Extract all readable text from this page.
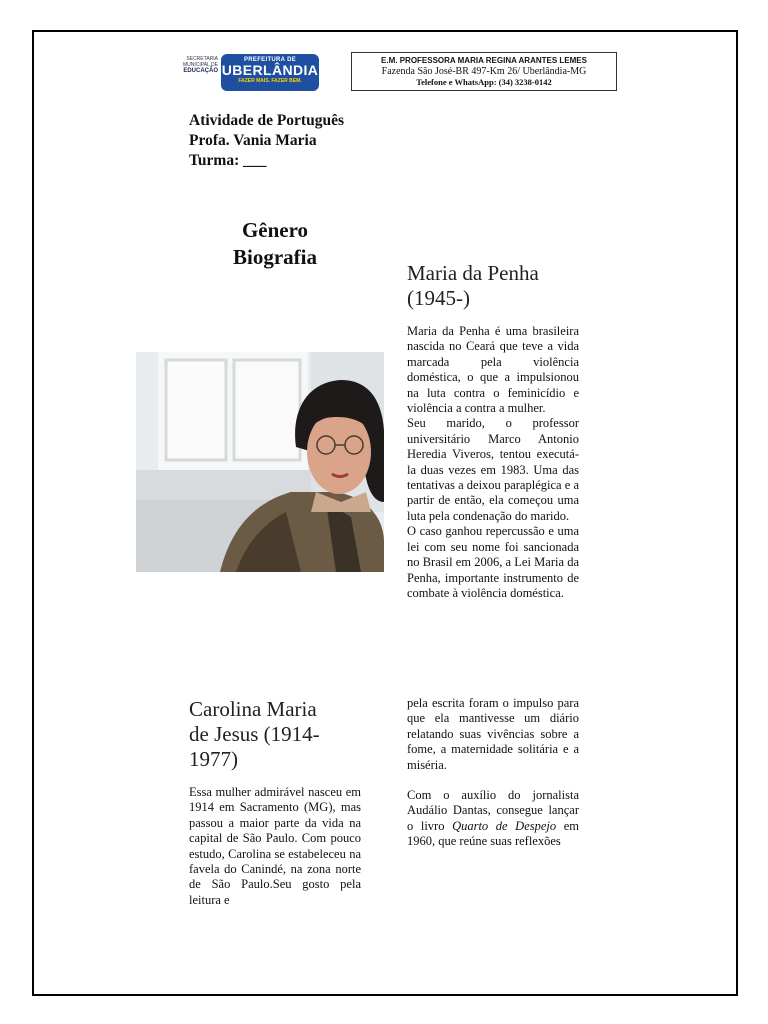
SECRETARIA
MUNICIPAL DE
EDUCAÇÃO
PREFEITURA DE
UBERLÂNDIA
FAZER MAIS. FAZER BEM.
E.M. PROFESSORA MARIA REGINA ARANTES LEMES
Fazenda São José-BR 497-Km 26/ Uberlândia-MG
Telefone e WhatsApp: (34) 3238-0142
Atividade de Português
Profa. Vania Maria
Turma: ___
Gênero
Biografia
Maria da Penha
(1945-)

Maria da Penha é uma brasileira nascida no Ceará que teve a vida marcada pela violência doméstica, o que a impulsionou na luta contra o feminicídio e violência a contra a mulher.

Seu marido, o professor universitário Marco Antonio Heredia Viveros, tentou executá-la duas vezes em 1983. Uma das tentativas a deixou paraplégica e a partir de então, ela começou uma luta pela condenação do marido.

O caso ganhou repercussão e uma lei com seu nome foi sancionada no Brasil em 2006, a Lei Maria da Penha, importante instrumento de combate à violência doméstica.

Carolina Maria
de Jesus (1914-
1977)

Essa mulher admirável nasceu em 1914 em Sacramento (MG), mas passou a maior parte da vida na capital de São Paulo. Com pouco estudo, Carolina se estabeleceu na favela do Canindé, na zona norte de São Paulo.Seu gosto pela leitura e

pela escrita foram o impulso para que ela mantivesse um diário relatando suas vivências sobre a fome, a maternidade solitária e a miséria.

Com o auxílio do jornalista Audálio Dantas, consegue lançar o livro Quarto de Despejo em 1960, que reúne suas reflexões
